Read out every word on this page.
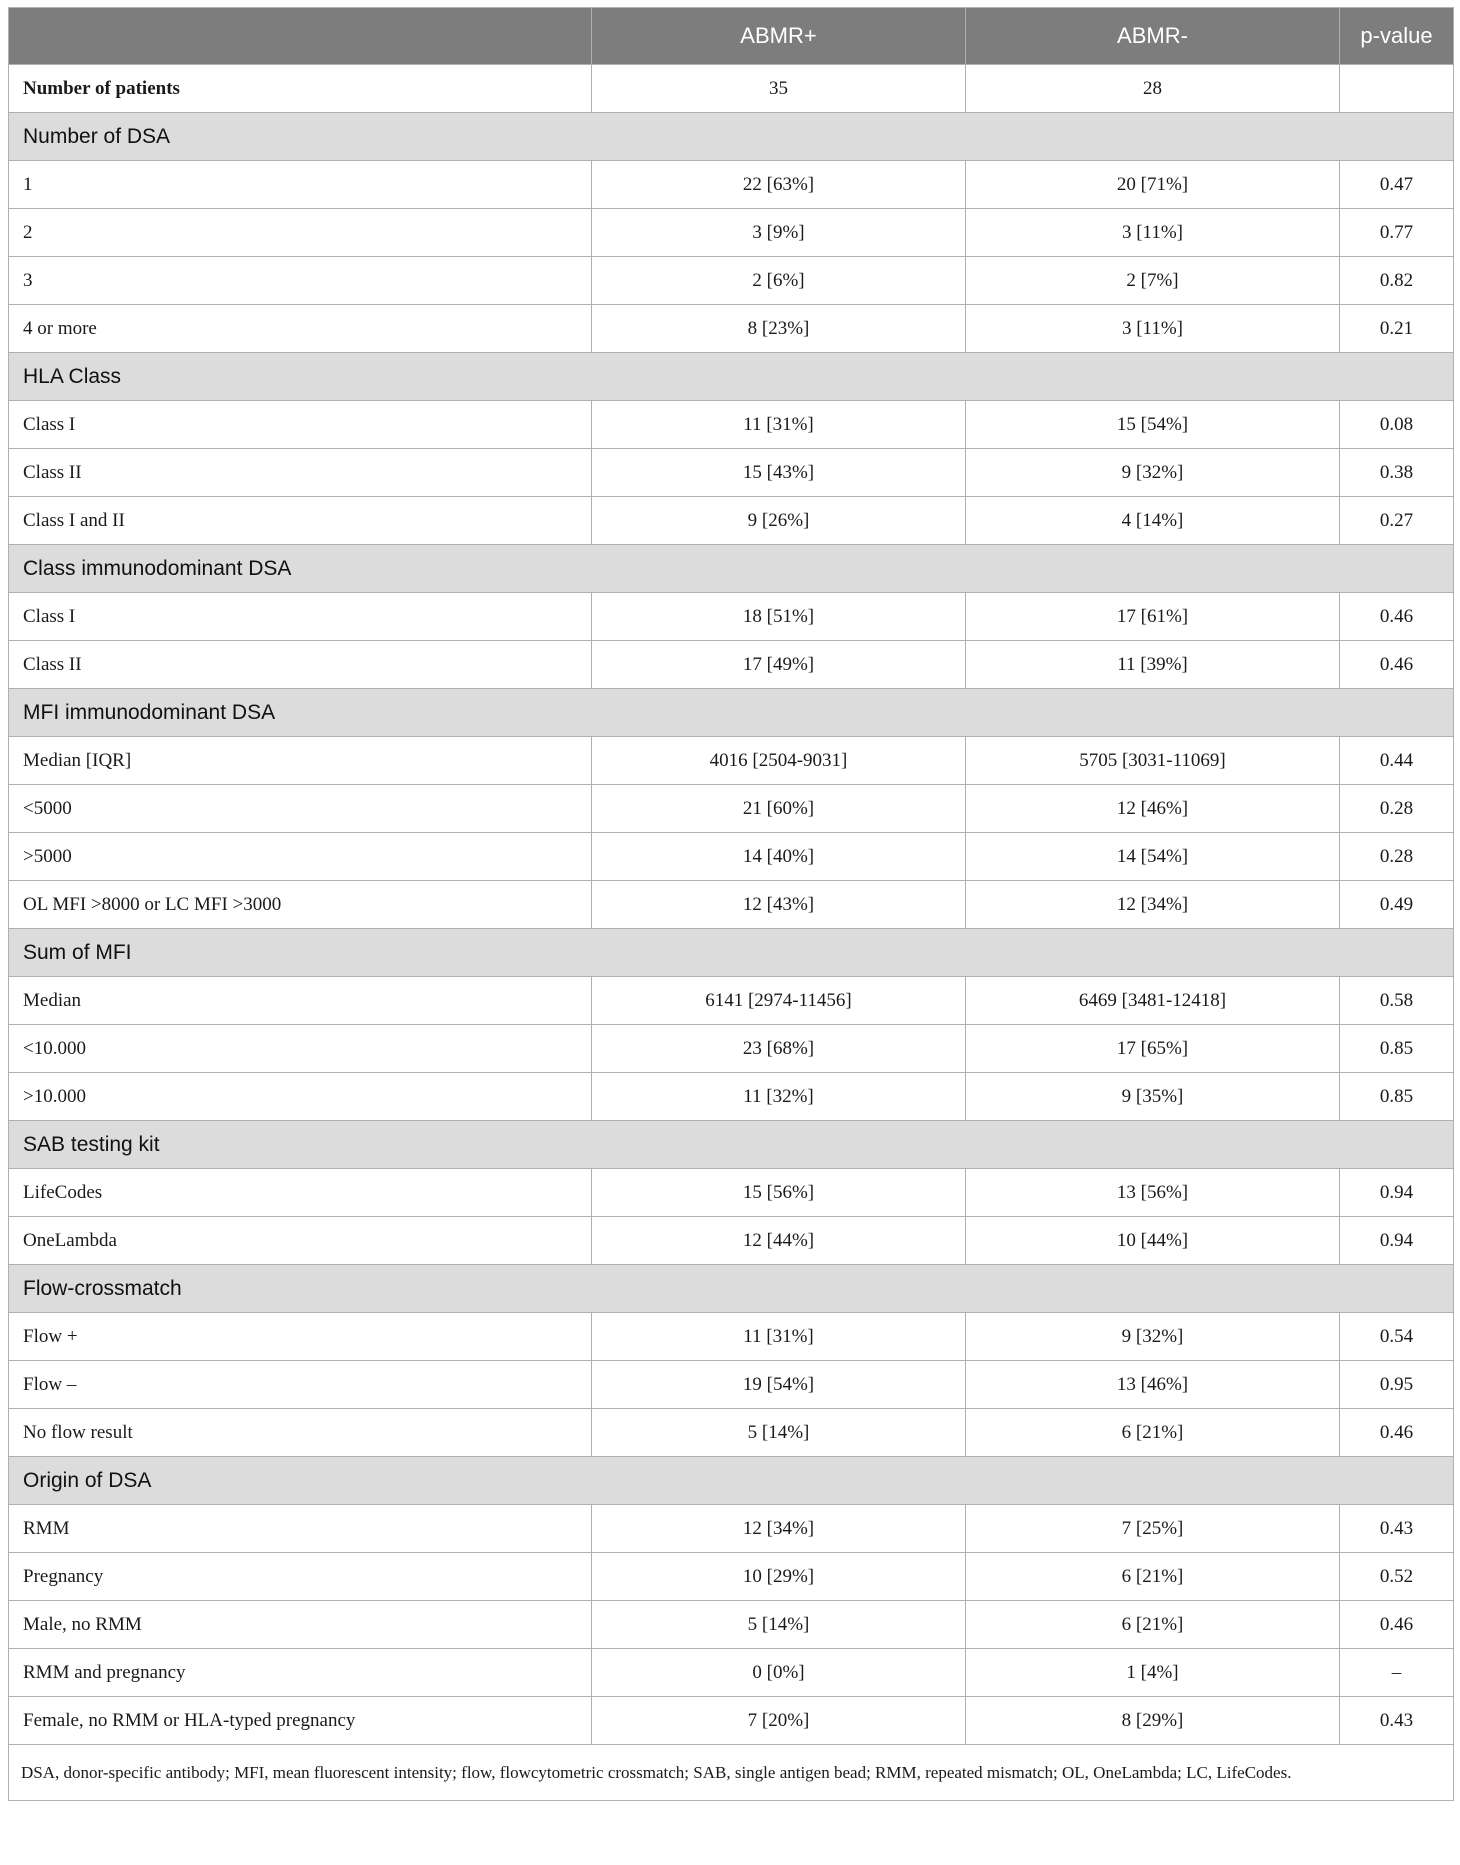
	ABMR+	ABMR-	p-value
Number of patients	35	28	
Number of DSA			
1	22 [63%]	20 [71%]	0.47
2	3 [9%]	3 [11%]	0.77
3	2 [6%]	2 [7%]	0.82
4 or more	8 [23%]	3 [11%]	0.21
HLA Class			
Class I	11 [31%]	15 [54%]	0.08
Class II	15 [43%]	9 [32%]	0.38
Class I and II	9 [26%]	4 [14%]	0.27
Class immunodominant DSA			
Class I	18 [51%]	17 [61%]	0.46
Class II	17 [49%]	11 [39%]	0.46
MFI immunodominant DSA			
Median [IQR]	4016 [2504-9031]	5705 [3031-11069]	0.44
<5000	21 [60%]	12 [46%]	0.28
>5000	14 [40%]	14 [54%]	0.28
OL MFI >8000 or LC MFI >3000	12 [43%]	12 [34%]	0.49
Sum of MFI			
Median	6141 [2974-11456]	6469 [3481-12418]	0.58
<10.000	23 [68%]	17 [65%]	0.85
>10.000	11 [32%]	9 [35%]	0.85
SAB testing kit			
LifeCodes	15 [56%]	13 [56%]	0.94
OneLambda	12 [44%]	10 [44%]	0.94
Flow-crossmatch			
Flow +	11 [31%]	9 [32%]	0.54
Flow –	19 [54%]	13 [46%]	0.95
No flow result	5 [14%]	6 [21%]	0.46
Origin of DSA			
RMM	12 [34%]	7 [25%]	0.43
Pregnancy	10 [29%]	6 [21%]	0.52
Male, no RMM	5 [14%]	6 [21%]	0.46
RMM and pregnancy	0 [0%]	1 [4%]	–
Female, no RMM or HLA-typed pregnancy	7 [20%]	8 [29%]	0.43
DSA, donor-specific antibody; MFI, mean fluorescent intensity; flow, flowcytometric crossmatch; SAB, single antigen bead; RMM, repeated mismatch; OL, OneLambda; LC, LifeCodes.			
